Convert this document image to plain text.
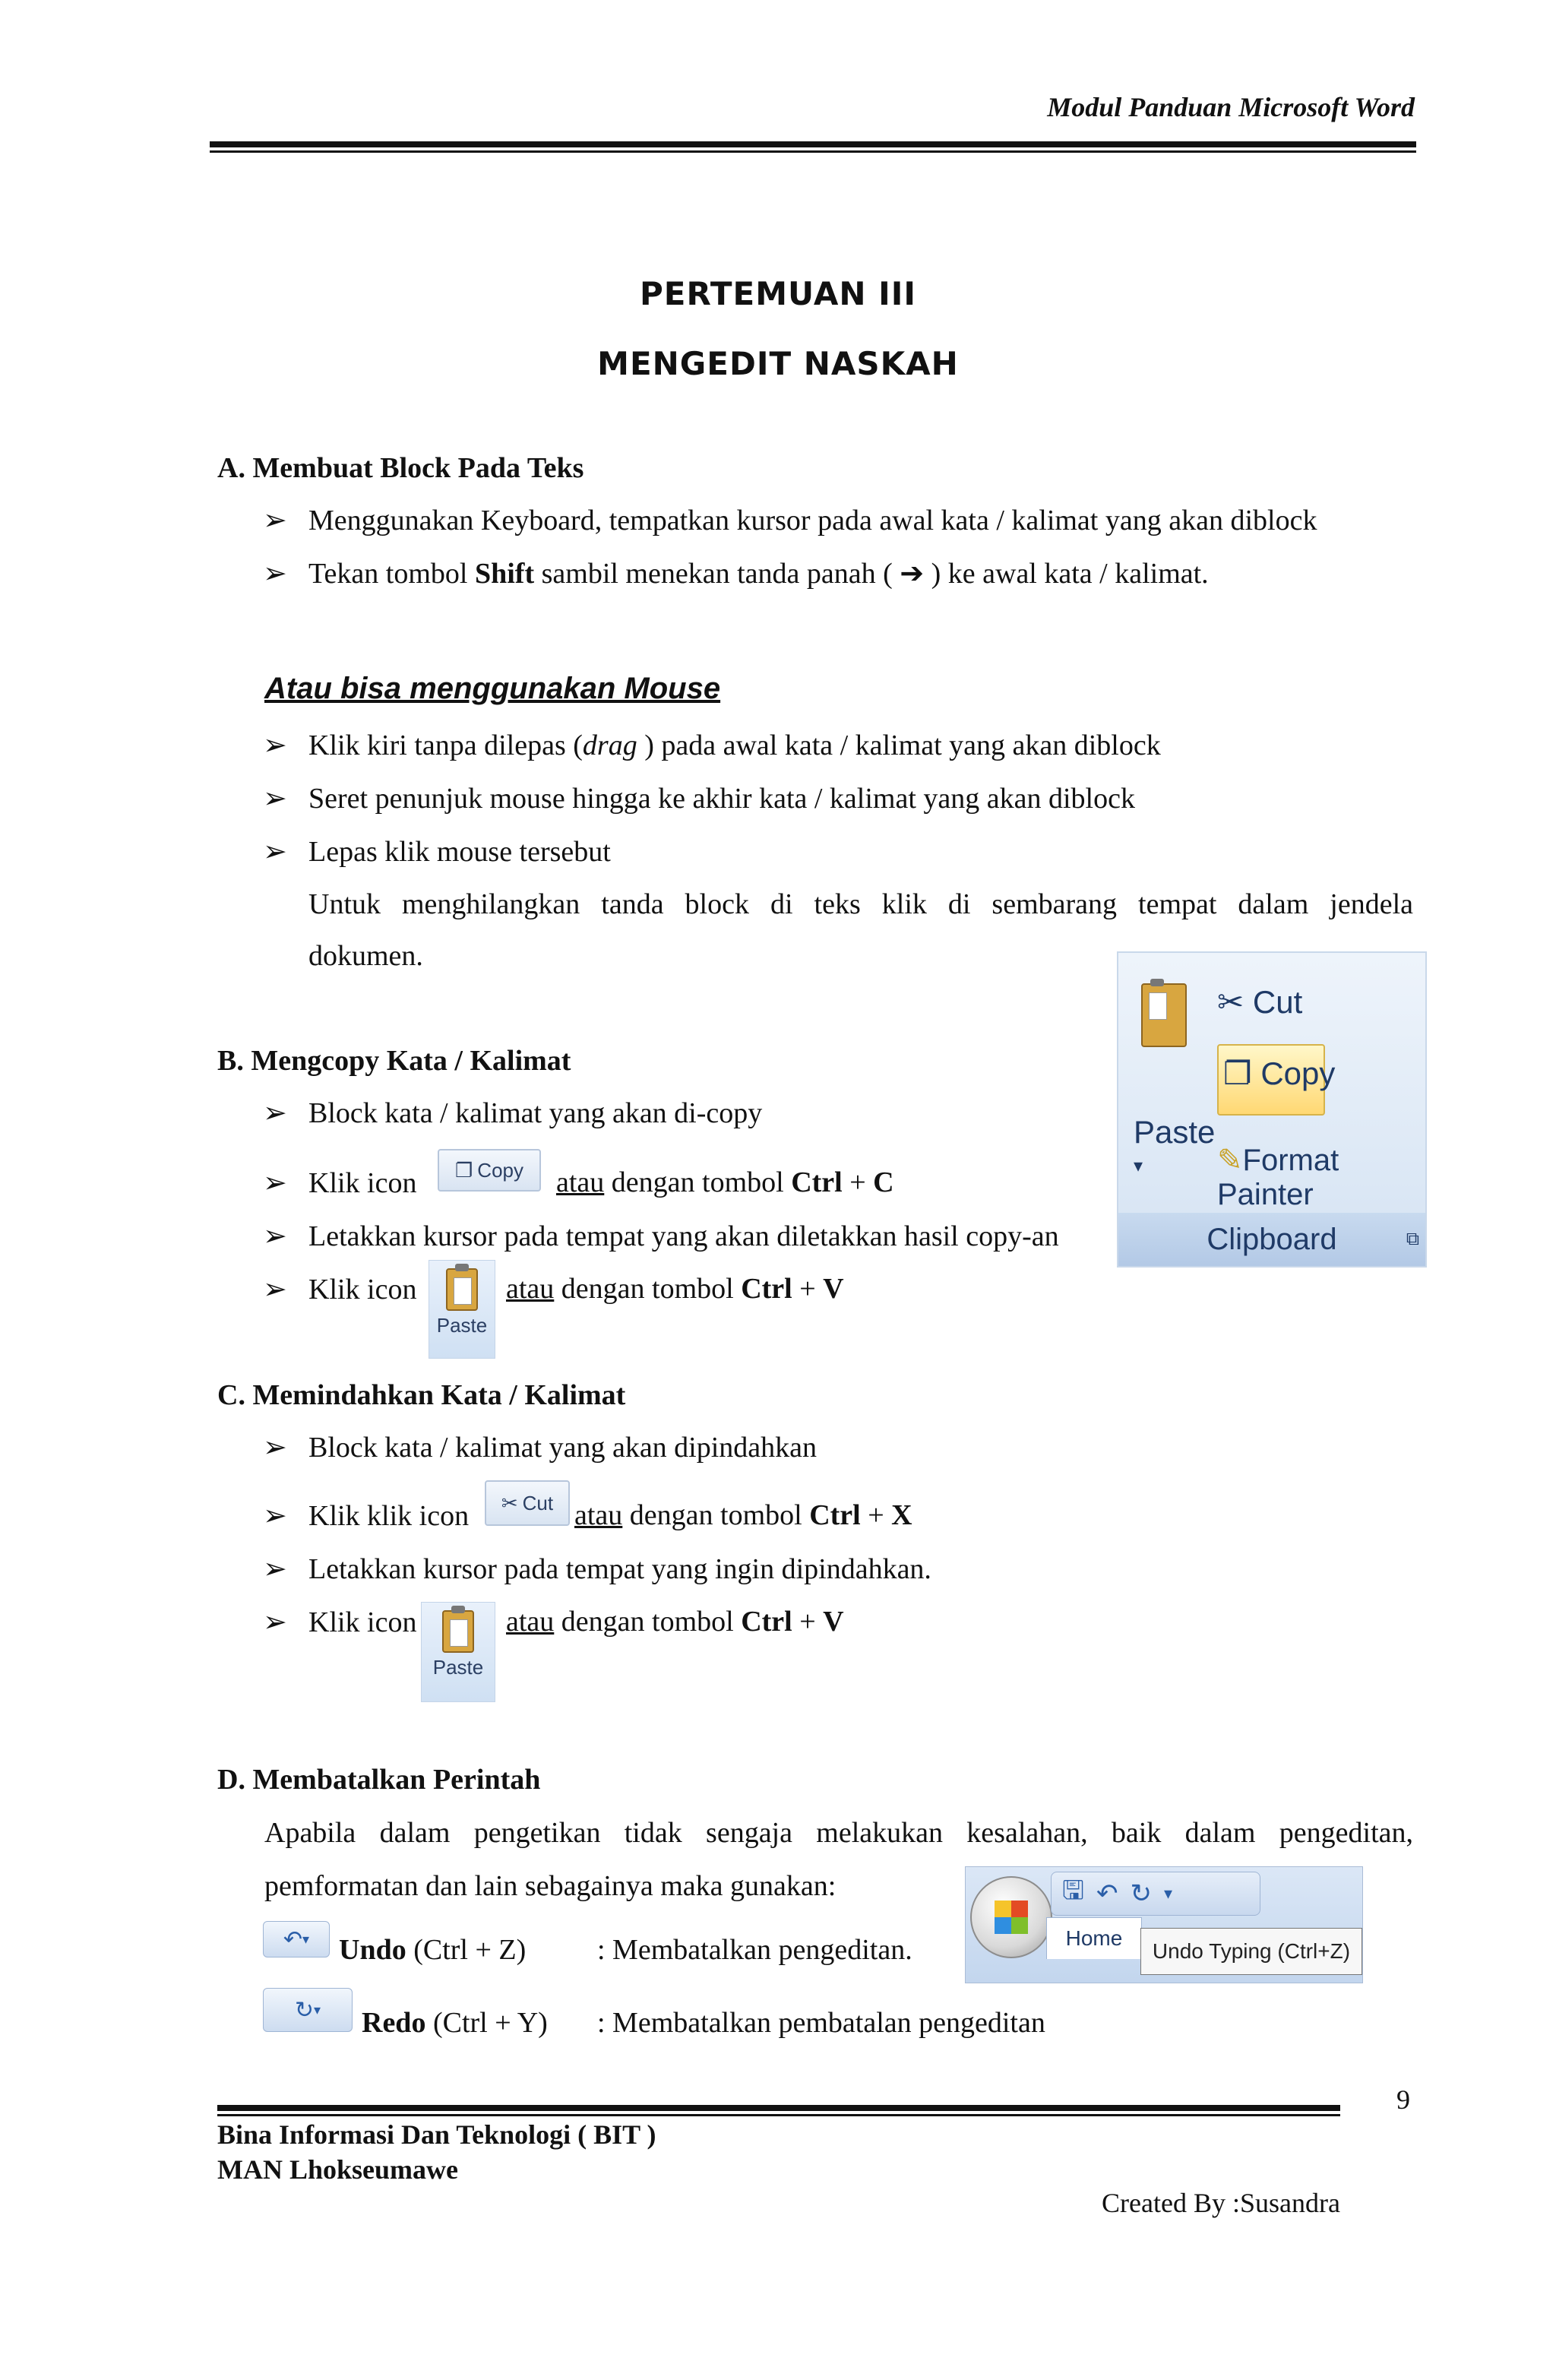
Modul Panduan Microsoft Word
PERTEMUAN III
MENGEDIT NASKAH
A. Membuat Block Pada Teks
➢ Menggunakan Keyboard, tempatkan kursor pada awal kata / kalimat yang akan diblock
➢ Tekan tombol Shift sambil menekan tanda panah ( ➔ ) ke awal kata / kalimat.
Atau bisa menggunakan Mouse
➢ Klik kiri tanpa dilepas (drag ) pada awal kata / kalimat yang akan diblock
➢ Seret penunjuk mouse hingga ke akhir kata / kalimat yang akan diblock
➢ Lepas klik mouse tersebut
Untuk menghilangkan tanda block di teks klik di sembarang tempat dalam jendela
dokumen.
Paste
▾
✂ Cut
❐ Copy
✎Format Painter
Clipboard	⧉
B. Mengcopy Kata / Kalimat
➢ Block kata / kalimat yang akan di-copy
➢ Klik icon ❐ Copy atau dengan tombol Ctrl + C
➢ Letakkan kursor pada tempat yang akan diletakkan hasil copy-an
➢ Klik icon
Paste
atau dengan tombol Ctrl + V
C. Memindahkan Kata / Kalimat
➢ Block kata / kalimat yang akan dipindahkan
➢ Klik klik icon ✂ Cut atau dengan tombol Ctrl + X
➢ Letakkan kursor pada tempat yang ingin dipindahkan.
➢ Klik icon
Paste
atau dengan tombol Ctrl + V
D. Membatalkan Perintah
Apabila dalam pengetikan tidak sengaja melakukan kesalahan, baik dalam pengeditan,
pemformatan dan lain sebagainya maka gunakan:	🖫 ↶ ↻ ▾
Home
Undo Typing (Ctrl+Z)
↶ ▾ Undo (Ctrl + Z) : Membatalkan pengeditan.
↻ ▾ Redo (Ctrl + Y) : Membatalkan pembatalan pengeditan
9
Bina Informasi Dan Teknologi ( BIT )
MAN Lhokseumawe
Created By :Susandra
